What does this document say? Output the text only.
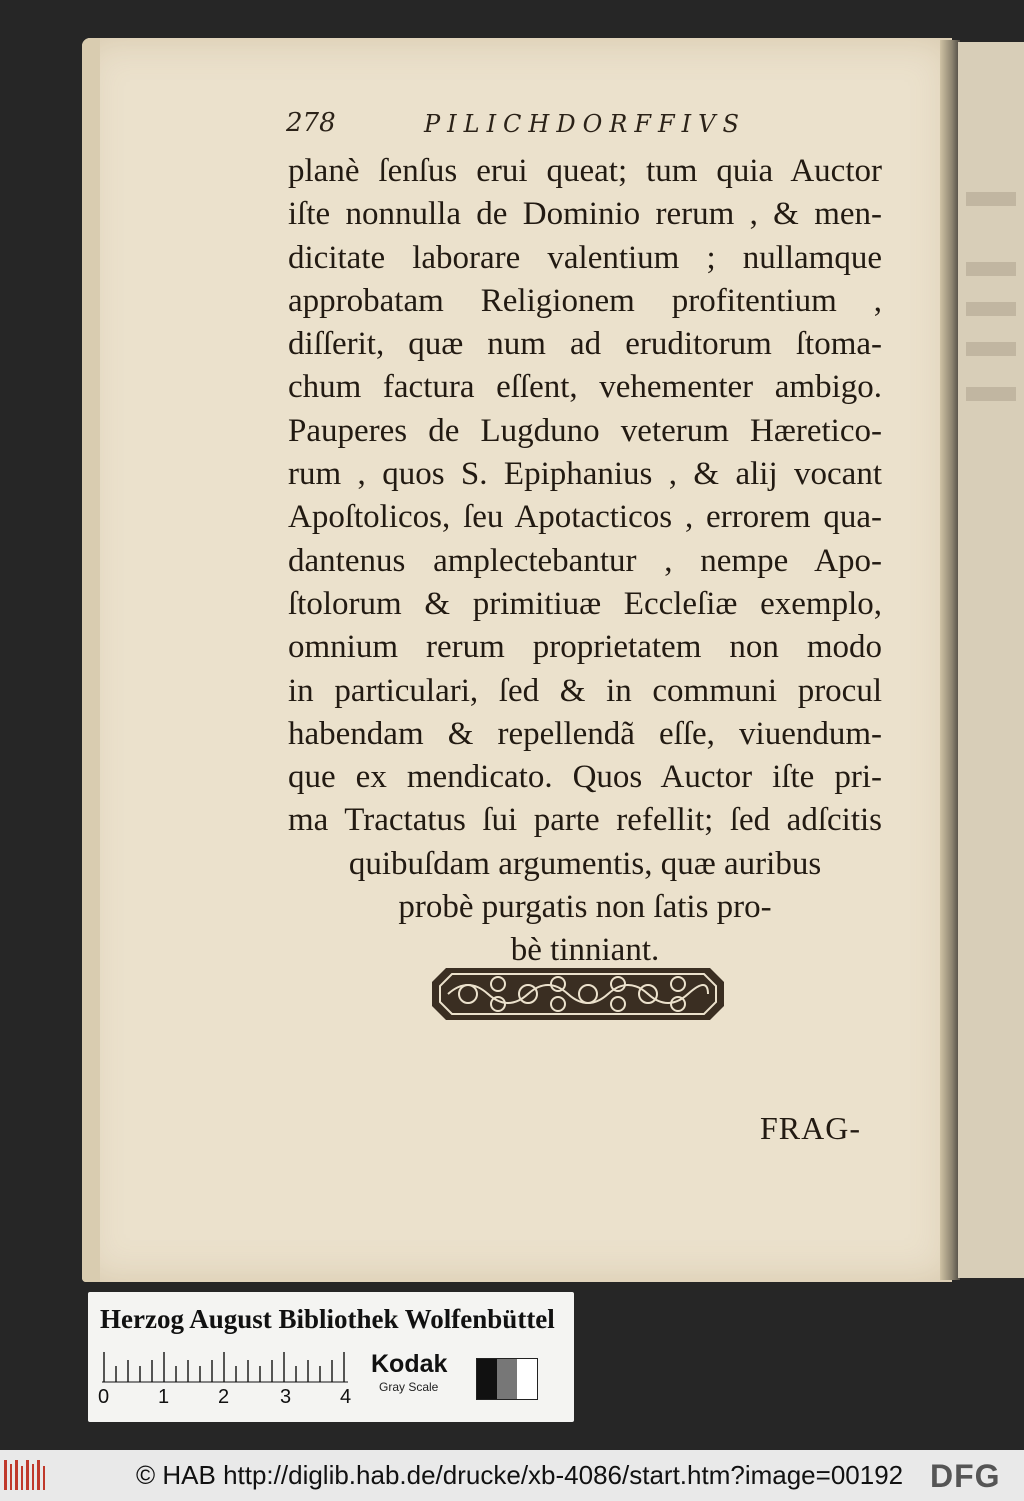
278	PILICHDORFFIVS
planè ſenſus erui queat; tum quia Auctor
iſte nonnulla de Dominio rerum , & men-
dicitate laborare valentium ; nullamque
approbatam Religionem profitentium ,
diſſerit, quæ num ad eruditorum ſtoma-
chum factura eſſent, vehementer ambigo.
Pauperes de Lugduno veterum Hæretico-
rum , quos S. Epiphanius , & alij vocant
Apoſtolicos, ſeu Apotacticos , errorem qua-
dantenus amplectebantur , nempe Apo-
ſtolorum & primitiuæ Eccleſiæ exemplo,
omnium rerum proprietatem non modo
in particulari, ſed & in communi procul
habendam & repellendã eſſe, viuendum-
que ex mendicato. Quos Auctor iſte pri-
ma Tractatus ſui parte refellit; ſed adſcitis
quibuſdam argumentis, quæ auribus
probè purgatis non ſatis pro-
bè tinniant.
FRAG-
Herzog August Bibliothek Wolfenbüttel
0 1 2	3 4
Kodak
Gray Scale
© HAB http://diglib.hab.de/drucke/xb-4086/start.htm?image=00192 DFG
